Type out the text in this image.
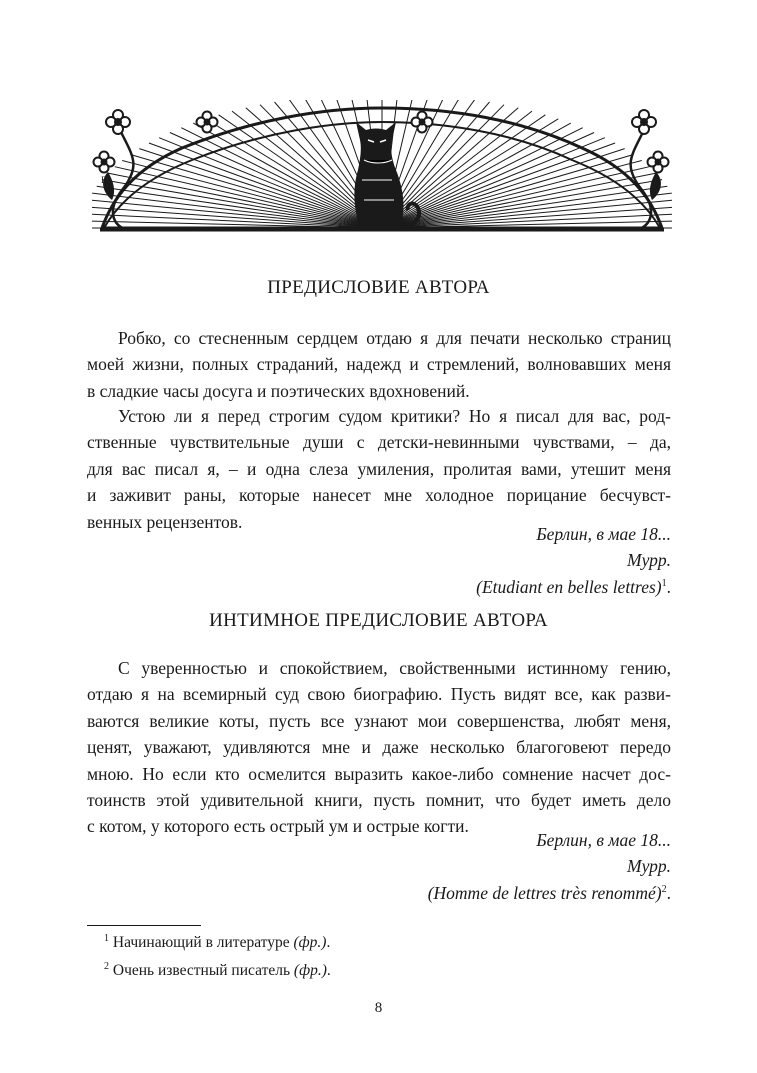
E
ПРЕДИСЛОВИЕ АВТОРА
Робко, со стесненным сердцем отдаю я для печати несколько страниц
моей жизни, полных страданий, надежд и стремлений, волновавших меня
в сладкие часы досуга и поэтических вдохновений.
Устою ли я перед строгим судом критики? Но я писал для вас, род-
ственные чувствительные души с детски-невинными чувствами, – да,
для вас писал я, – и одна слеза умиления, пролитая вами, утешит меня
и заживит раны, которые нанесет мне холодное порицание бесчувст-
венных рецензентов.
Берлин, в мае 18...
Мурр.
(Etudiant en belles lettres)$^1$.
ИНТИМНОЕ ПРЕДИСЛОВИЕ АВТОРА
С уверенностью и спокойствием, свойственными истинному гению,
отдаю я на всемирный суд свою биографию. Пусть видят все, как разви-
ваются великие коты, пусть все узнают мои совершенства, любят меня,
ценят, уважают, удивляются мне и даже несколько благоговеют передо
мною. Но если кто осмелится выразить какое-либо сомнение насчет дос-
тоинств этой удивительной книги, пусть помнит, что будет иметь дело
с котом, у которого есть острый ум и острые когти.
Берлин, в мае 18...
Мурр.
(Homme de lettres très renommé)$^2$.
$^1$ Начинающий в литературе (фр.).
$^2$ Очень известный писатель (фр.).
8
